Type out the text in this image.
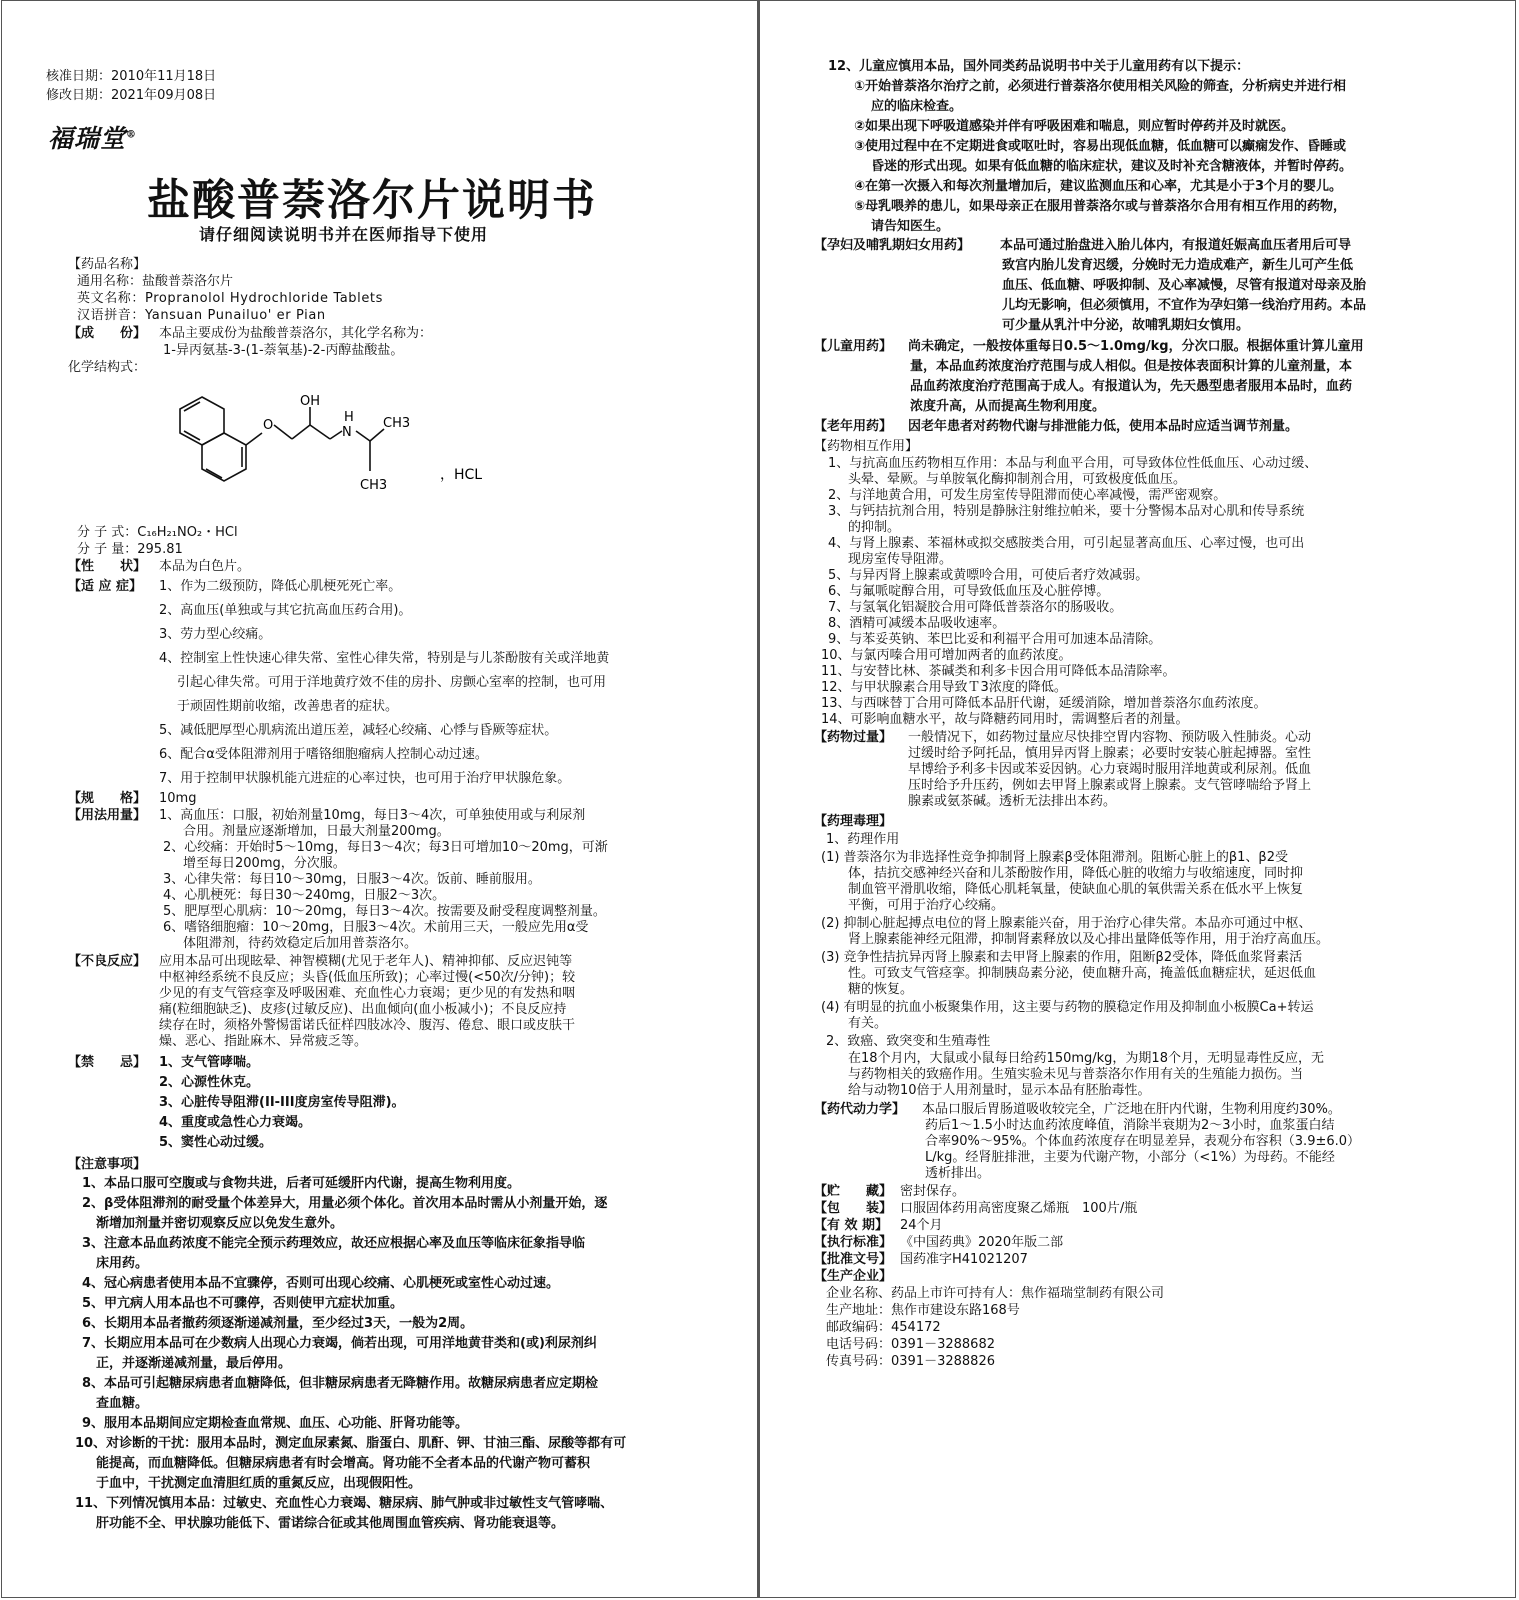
核准日期：2010年11月18日
修改日期：2021年09月08日
福瑞堂®
盐酸普萘洛尔片说明书
请仔细阅读说明书并在医师指导下使用
【药品名称】
通用名称：盐酸普萘洛尔片
英文名称：Propranolol Hydrochloride Tablets
汉语拼音：Yansuan Punailuo' er Pian
【成　　份】 本品主要成份为盐酸普萘洛尔，其化学名称为：
1-异丙氨基-3-(1-萘氧基)-2-丙醇盐酸盐。
化学结构式：
O
OH
H
N
CH3
CH3
，HCL
分 子 式：C₁₆H₂₁NO₂・HCl
分 子 量：295.81
【性　　状】 本品为白色片。
【适 应 症】 1、作为二级预防，降低心肌梗死死亡率。
2、高血压(单独或与其它抗高血压药合用)。
3、劳力型心绞痛。
4、控制室上性快速心律失常、室性心律失常，特别是与儿茶酚胺有关或洋地黄
引起心律失常。可用于洋地黄疗效不佳的房扑、房颤心室率的控制，也可用
于顽固性期前收缩，改善患者的症状。
5、减低肥厚型心肌病流出道压差，减轻心绞痛、心悸与昏厥等症状。
6、配合α受体阻滞剂用于嗜铬细胞瘤病人控制心动过速。
7、用于控制甲状腺机能亢进症的心率过快，也可用于治疗甲状腺危象。
【规　　格】 10mg
【用法用量】 1、高血压：口服，初始剂量10mg，每日3～4次，可单独使用或与利尿剂
合用。剂量应逐渐增加，日最大剂量200mg。
2、心绞痛：开始时5～10mg，每日3～4次；每3日可增加10～20mg，可渐
增至每日200mg，分次服。
3、心律失常：每日10～30mg，日服3～4次。饭前、睡前服用。
4、心肌梗死：每日30～240mg，日服2～3次。
5、肥厚型心肌病：10～20mg，每日3～4次。按需要及耐受程度调整剂量。
6、嗜铬细胞瘤：10～20mg，日服3～4次。术前用三天，一般应先用α受
体阻滞剂，待药效稳定后加用普萘洛尔。
【不良反应】 应用本品可出现眩晕、神智模糊(尤见于老年人)、精神抑郁、反应迟钝等
中枢神经系统不良反应；头昏(低血压所致)；心率过慢(<50次/分钟)；较
少见的有支气管痉挛及呼吸困难、充血性心力衰竭；更少见的有发热和咽
痛(粒细胞缺乏)、皮疹(过敏反应)、出血倾向(血小板减小)；不良反应持
续存在时，须格外警惕雷诺氏征样四肢冰冷、腹泻、倦怠、眼口或皮肤干
燥、恶心、指趾麻木、异常疲乏等。
【禁　　忌】 1、支气管哮喘。
2、心源性休克。
3、心脏传导阻滞(II-III度房室传导阻滞)。
4、重度或急性心力衰竭。
5、窦性心动过缓。
【注意事项】
1、本品口服可空腹或与食物共进，后者可延缓肝内代谢，提高生物利用度。
2、β受体阻滞剂的耐受量个体差异大，用量必须个体化。首次用本品时需从小剂量开始，逐
渐增加剂量并密切观察反应以免发生意外。
3、注意本品血药浓度不能完全预示药理效应，故还应根据心率及血压等临床征象指导临
床用药。
4、冠心病患者使用本品不宜骤停，否则可出现心绞痛、心肌梗死或室性心动过速。
5、甲亢病人用本品也不可骤停，否则使甲亢症状加重。
6、长期用本品者撤药须逐渐递减剂量，至少经过3天，一般为2周。
7、长期应用本品可在少数病人出现心力衰竭，倘若出现，可用洋地黄苷类和(或)利尿剂纠
正，并逐渐递减剂量，最后停用。
8、本品可引起糖尿病患者血糖降低，但非糖尿病患者无降糖作用。故糖尿病患者应定期检
查血糖。
9、服用本品期间应定期检查血常规、血压、心功能、肝肾功能等。
10、对诊断的干扰：服用本品时，测定血尿素氮、脂蛋白、肌酐、钾、甘油三酯、尿酸等都有可
能提高，而血糖降低。但糖尿病患者有时会增高。肾功能不全者本品的代谢产物可蓄积
于血中，干扰测定血清胆红质的重氮反应，出现假阳性。
11、下列情况慎用本品：过敏史、充血性心力衰竭、糖尿病、肺气肿或非过敏性支气管哮喘、
肝功能不全、甲状腺功能低下、雷诺综合征或其他周围血管疾病、肾功能衰退等。
12、儿童应慎用本品，国外同类药品说明书中关于儿童用药有以下提示：
①开始普萘洛尔治疗之前，必须进行普萘洛尔使用相关风险的筛查，分析病史并进行相
应的临床检查。
②如果出现下呼吸道感染并伴有呼吸困难和喘息，则应暂时停药并及时就医。
③使用过程中在不定期进食或呕吐时，容易出现低血糖，低血糖可以癫痫发作、昏睡或
昏迷的形式出现。如果有低血糖的临床症状，建议及时补充含糖液体，并暂时停药。
④在第一次摄入和每次剂量增加后，建议监测血压和心率，尤其是小于3个月的婴儿。
⑤母乳喂养的患儿，如果母亲正在服用普萘洛尔或与普萘洛尔合用有相互作用的药物，
请告知医生。
【孕妇及哺乳期妇女用药】 本品可通过胎盘进入胎儿体内，有报道妊娠高血压者用后可导
致宫内胎儿发育迟缓，分娩时无力造成难产，新生儿可产生低
血压、低血糖、呼吸抑制、及心率减慢，尽管有报道对母亲及胎
儿均无影响，但必须慎用，不宜作为孕妇第一线治疗用药。本品
可少量从乳汁中分泌，故哺乳期妇女慎用。
【儿童用药】 尚未确定，一般按体重每日0.5～1.0mg/kg，分次口服。根据体重计算儿童用
量，本品血药浓度治疗范围与成人相似。但是按体表面积计算的儿童剂量，本
品血药浓度治疗范围高于成人。有报道认为，先天愚型患者服用本品时，血药
浓度升高，从而提高生物利用度。
【老年用药】 因老年患者对药物代谢与排泄能力低，使用本品时应适当调节剂量。
【药物相互作用】
1、与抗高血压药物相互作用：本品与利血平合用，可导致体位性低血压、心动过缓、
头晕、晕厥。与单胺氧化酶抑制剂合用，可致极度低血压。
2、与洋地黄合用，可发生房室传导阻滞而使心率减慢，需严密观察。
3、与钙拮抗剂合用，特别是静脉注射维拉帕米，要十分警惕本品对心肌和传导系统
的抑制。
4、与肾上腺素、苯福林或拟交感胺类合用，可引起显著高血压、心率过慢，也可出
现房室传导阻滞。
5、与异丙肾上腺素或黄嘌呤合用，可使后者疗效减弱。
6、与氟哌啶醇合用，可导致低血压及心脏停博。
7、与氢氧化铝凝胶合用可降低普萘洛尔的肠吸收。
8、酒精可减缓本品吸收速率。
9、与苯妥英钠、苯巴比妥和利福平合用可加速本品清除。
10、与氯丙嗪合用可增加两者的血药浓度。
11、与安替比林、茶碱类和利多卡因合用可降低本品清除率。
12、与甲状腺素合用导致Ｔ3浓度的降低。
13、与西咪替丁合用可降低本品肝代谢，延缓消除，增加普萘洛尔血药浓度。
14、可影响血糖水平，故与降糖药同用时，需调整后者的剂量。
【药物过量】 一般情况下，如药物过量应尽快排空胃内容物、预防吸入性肺炎。心动
过缓时给予阿托品，慎用异丙肾上腺素；必要时安装心脏起搏器。室性
早博给予利多卡因或苯妥因钠。心力衰竭时服用洋地黄或利尿剂。低血
压时给予升压药，例如去甲肾上腺素或肾上腺素。支气管哮喘给予肾上
腺素或氨茶碱。透析无法排出本药。
【药理毒理】
1、药理作用
(1) 普萘洛尔为非选择性竞争抑制肾上腺素β受体阻滞剂。阻断心脏上的β1、β2受
体，拮抗交感神经兴奋和儿茶酚胺作用，降低心脏的收缩力与收缩速度，同时抑
制血管平滑肌收缩，降低心肌耗氧量，使缺血心肌的氧供需关系在低水平上恢复
平衡，可用于治疗心绞痛。
(2) 抑制心脏起搏点电位的肾上腺素能兴奋，用于治疗心律失常。本品亦可通过中枢、
肾上腺素能神经元阻滞，抑制肾素释放以及心排出量降低等作用，用于治疗高血压。
(3) 竞争性拮抗异丙肾上腺素和去甲肾上腺素的作用，阻断β2受体，降低血浆肾素活
性。可致支气管痉挛。抑制胰岛素分泌，使血糖升高，掩盖低血糖症状，延迟低血
糖的恢复。
(4) 有明显的抗血小板聚集作用，这主要与药物的膜稳定作用及抑制血小板膜Ca+转运
有关。
2、致癌、致突变和生殖毒性
在18个月内，大鼠或小鼠每日给药150mg/kg，为期18个月，无明显毒性反应，无
与药物相关的致癌作用。生殖实验未见与普萘洛尔作用有关的生殖能力损伤。当
给与动物10倍于人用剂量时，显示本品有胚胎毒性。
【药代动力学】 本品口服后胃肠道吸收较完全，广泛地在肝内代谢，生物利用度约30%。
药后1～1.5小时达血药浓度峰值，消除半衰期为2～3小时，血浆蛋白结
合率90%～95%。个体血药浓度存在明显差异，表观分布容积（3.9±6.0）
L/kg。经肾脏排泄，主要为代谢产物，小部分（<1%）为母药。不能经
透析排出。
【贮　　藏】 密封保存。
【包　　装】 口服固体药用高密度聚乙烯瓶　100片/瓶
【有 效 期】 24个月
【执行标准】 《中国药典》2020年版二部
【批准文号】 国药准字H41021207
【生产企业】
企业名称、药品上市许可持有人：焦作福瑞堂制药有限公司
生产地址：焦作市建设东路168号
邮政编码：454172
电话号码：0391－3288682
传真号码：0391－3288826
